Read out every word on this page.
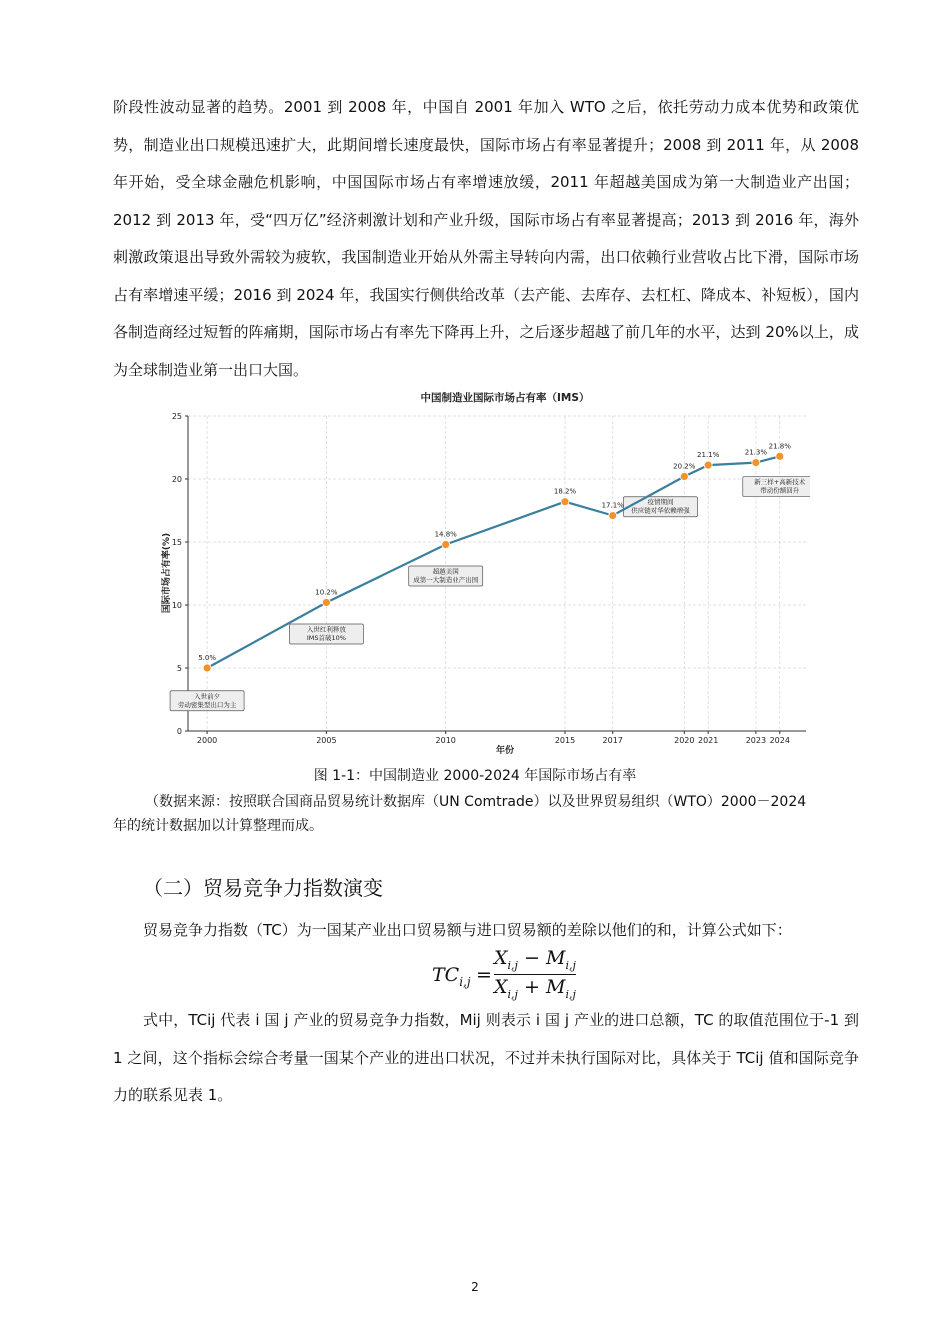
阶段性波动显著的趋势。2001 到 2008 年，中国自 2001 年加入 WTO 之后，依托劳动力成本优势和政策优势，制造业出口规模迅速扩大，此期间增长速度最快，国际市场占有率显著提升；2008 到 2011 年，从 2008 年开始，受全球金融危机影响，中国国际市场占有率增速放缓，2011 年超越美国成为第一大制造业产出国；2012 到 2013 年，受“四万亿”经济刺激计划和产业升级，国际市场占有率显著提高；2013 到 2016 年，海外刺激政策退出导致外需较为疲软，我国制造业开始从外需主导转向内需，出口依赖行业营收占比下滑，国际市场占有率增速平缓；2016 到 2024 年，我国实行侧供给改革（去产能、去库存、去杠杠、降成本、补短板），国内各制造商经过短暂的阵痛期，国际市场占有率先下降再上升，之后逐步超越了前几年的水平，达到 20%以上，成为全球制造业第一出口大国。

中国制造业国际市场占有率（IMS）
0
5
10
15
20
25
2000	2005	2010	2015	2017	2020 2021	2023 2024
入世前夕
劳动密集型出口为主
入世红利释放
IMS首破10%
超越美国
成第一大制造业产出国
疫情期间
供应链对华依赖增强
新三样+高新技术
带动份额回升
5.0%
10.2%
14.8%
18.2%
17.1%
20.2%
21.1%	21.3%
21.8%
年份
国际市场占有率(%)
图 1-1：中国制造业 2000-2024 年国际市场占有率
（数据来源：按照联合国商品贸易统计数据库（UN Comtrade）以及世界贸易组织（WTO）2000－2024
年的统计数据加以计算整理而成。
（二）贸易竞争力指数演变

贸易竞争力指数（TC）为一国某产业出口贸易额与进口贸易额的差除以他们的和，计算公式如下：

$TC_{i,j}$ =
$X_{i,j} - M_{i,j}$
$X_{i,j} + M_{i,j}$

式中，TCij 代表 i 国 j 产业的贸易竞争力指数，Mij 则表示 i 国 j 产业的进口总额，TC 的取值范围位于-1 到 1 之间，这个指标会综合考量一国某个产业的进出口状况，不过并未执行国际对比，具体关于 TCij 值和国际竞争力的联系见表 1。

2
